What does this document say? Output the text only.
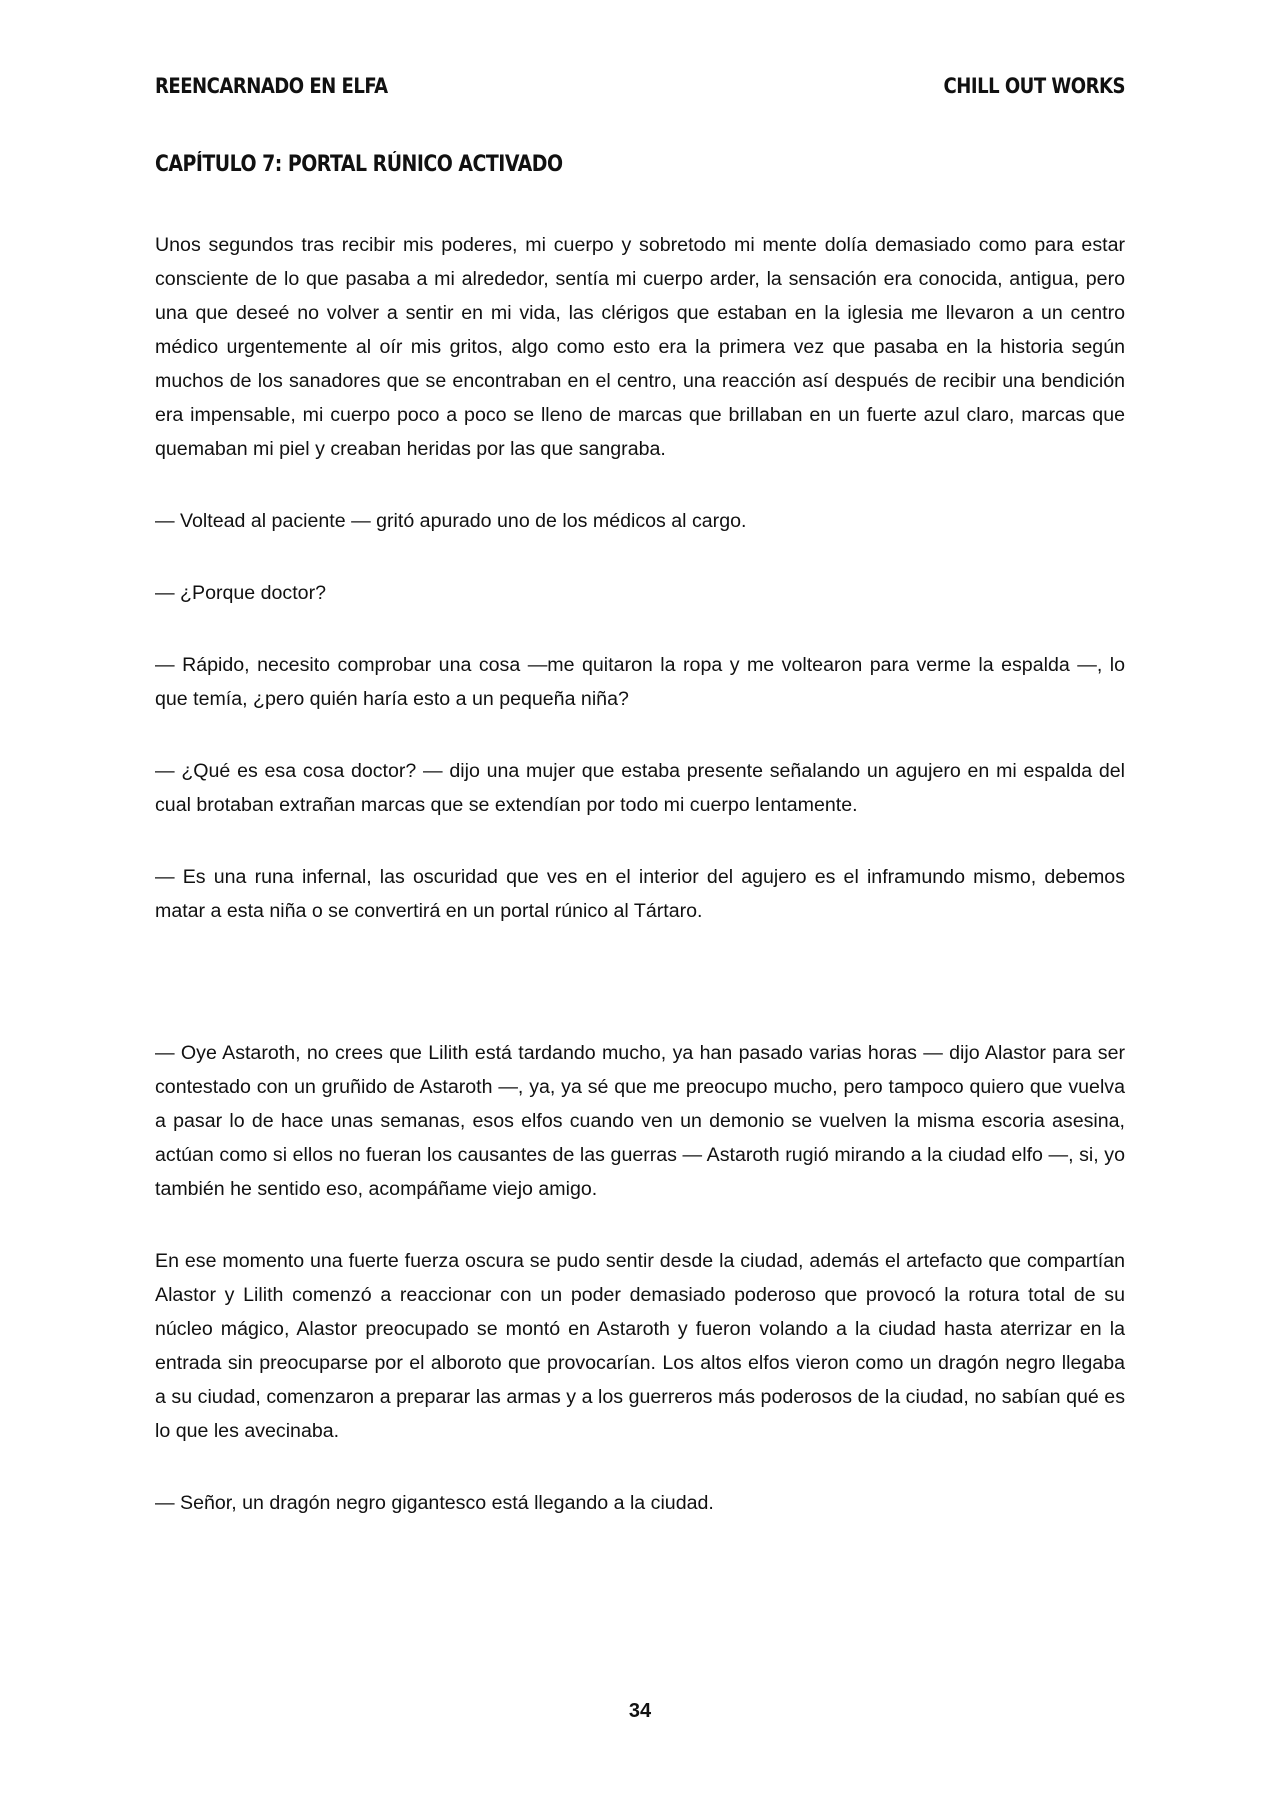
REENCARNADO EN ELFA	CHILL OUT WORKS
CAPÍTULO 7: PORTAL RÚNICO ACTIVADO

Unos segundos tras recibir mis poderes, mi cuerpo y sobretodo mi mente dolía demasiado como para estar consciente de lo que pasaba a mi alrededor, sentía mi cuerpo arder, la sensación era conocida, antigua, pero una que deseé no volver a sentir en mi vida, las clérigos que estaban en la iglesia me llevaron a un centro médico urgentemente al oír mis gritos, algo como esto era la primera vez que pasaba en la historia según muchos de los sanadores que se encontraban en el centro, una reacción así después de recibir una bendición era impensable, mi cuerpo poco a poco se lleno de marcas que brillaban en un fuerte azul claro, marcas que quemaban mi piel y creaban heridas por las que sangraba.

— Voltead al paciente — gritó apurado uno de los médicos al cargo.

— ¿Porque doctor?

— Rápido, necesito comprobar una cosa —me quitaron la ropa y me voltearon para verme la espalda —, lo que temía, ¿pero quién haría esto a un pequeña niña?

— ¿Qué es esa cosa doctor? — dijo una mujer que estaba presente señalando un agujero en mi espalda del cual brotaban extrañan marcas que se extendían por todo mi cuerpo lentamente.

— Es una runa infernal, las oscuridad que ves en el interior del agujero es el inframundo mismo, debemos matar a esta niña o se convertirá en un portal rúnico al Tártaro.

— Oye Astaroth, no crees que Lilith está tardando mucho, ya han pasado varias horas — dijo Alastor para ser contestado con un gruñido de Astaroth —, ya, ya sé que me preocupo mucho, pero tampoco quiero que vuelva a pasar lo de hace unas semanas, esos elfos cuando ven un demonio se vuelven la misma escoria asesina, actúan como si ellos no fueran los causantes de las guerras — Astaroth rugió mirando a la ciudad elfo —, si, yo también he sentido eso, acompáñame viejo amigo.

En ese momento una fuerte fuerza oscura se pudo sentir desde la ciudad, además el artefacto que compartían Alastor y Lilith comenzó a reaccionar con un poder demasiado poderoso que provocó la rotura total de su núcleo mágico, Alastor preocupado se montó en Astaroth y fueron volando a la ciudad hasta aterrizar en la entrada sin preocuparse por el alboroto que provocarían. Los altos elfos vieron como un dragón negro llegaba a su ciudad, comenzaron a preparar las armas y a los guerreros más poderosos de la ciudad, no sabían qué es lo que les avecinaba.

— Señor, un dragón negro gigantesco está llegando a la ciudad.

34
